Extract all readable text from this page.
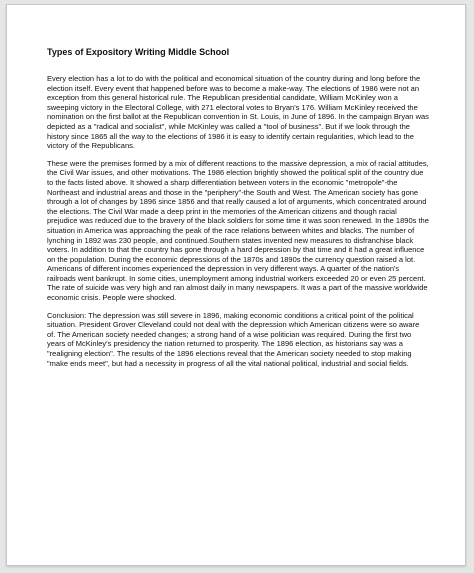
Types of Expository Writing Middle School

Every election has a lot to do with the political and economical situation of the country during and long before the election itself. Every event that happened before was to become a make-way. The elections of 1986 were not an exception from this general historical rule. The Republican presidential candidate, William McKinley won a sweeping victory in the Electoral College, with 271 electoral votes to Bryan's 176. William McKinley received the nomination on the first ballot at the Republican convention in St. Louis, in June of 1896. In the campaign Bryan was depicted as a "radical and socialist", while McKinley was called a "tool of business". But if we look through the history since 1865 all the way to the elections of 1986 it is easy to identify certain regularities, which lead to the victory of the Republicans.

These were the premises formed by a mix of different reactions to the massive depression, a mix of racial attitudes, the Civil War issues, and other motivations. The 1986 election brightly showed the political split of the country due to the facts listed above. It showed a sharp differentiation between voters in the economic "metropole"-the Northeast and industrial areas and those in the "periphery"-the South and West. The American society has gone through a lot of changes by 1896 since 1856 and that really caused a lot of arguments, which concentrated around the elections. The Civil War made a deep print in the memories of the American citizens and though racial prejudice was reduced due to the bravery of the black soldiers for some time it was soon renewed. In the 1890s the situation in America was approaching the peak of the race relations between whites and blacks. The number of lynching in 1892 was 230 people, and continued.Southern states invented new measures to disfranchise black voters. In addition to that the country has gone through a hard depression by that time and it had a great influence on the population. During the economic depressions of the 1870s and 1890s the currency question raised a lot. Americans of different incomes experienced the depression in very different ways. A quarter of the nation's railroads went bankrupt. In some cities, unemployment among industrial workers exceeded 20 or even 25 percent. The rate of suicide was very high and ran almost daily in many newspapers. It was a part of the massive worldwide economic crisis. People were shocked.

Conclusion: The depression was still severe in 1896, making economic conditions a critical point of the political situation. President Grover Cleveland could not deal with the depression which American citizens were so aware of. The American society needed changes; a strong hand of a wise politician was required. During the first two years of McKinley's presidency the nation returned to prosperity. The 1896 election, as historians say was a "realigning election". The results of the 1896 elections reveal that the American society needed to stop making "make ends meet", but had a necessity in progress of all the vital national political, industrial and social fields.
